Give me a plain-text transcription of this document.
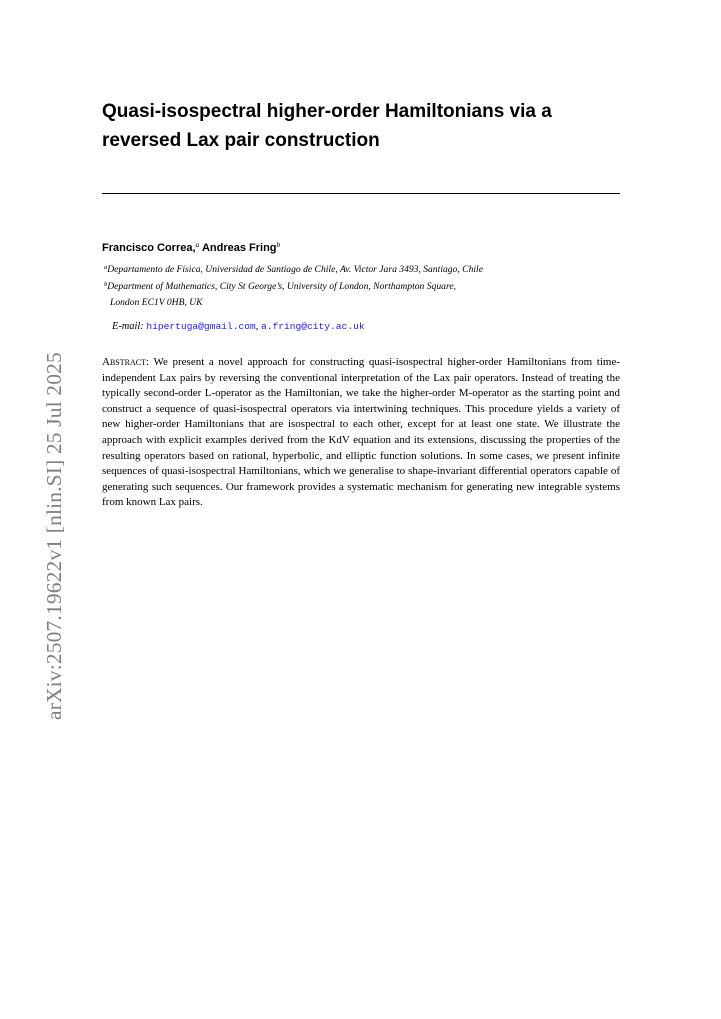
arXiv:2507.19622v1 [nlin.SI] 25 Jul 2025
Quasi-isospectral higher-order Hamiltonians via a reversed Lax pair construction
Francisco Correa,$^a$ Andreas Fring$^b$
$^a$Departamento de Física, Universidad de Santiago de Chile, Av. Victor Jara 3493, Santiago, Chile
$^b$Department of Mathematics, City St George’s, University of London, Northampton Square,
London EC1V 0HB, UK
E-mail: hipertuga@gmail.com, a.fring@city.ac.uk
Abstract: We present a novel approach for constructing quasi-isospectral higher-order Hamiltonians from time-independent Lax pairs by reversing the conventional interpretation of the Lax pair operators. Instead of treating the typically second-order L-operator as the Hamiltonian, we take the higher-order M-operator as the starting point and construct a sequence of quasi-isospectral operators via intertwining techniques. This procedure yields a variety of new higher-order Hamiltonians that are isospectral to each other, except for at least one state. We illustrate the approach with explicit examples derived from the KdV equation and its extensions, discussing the properties of the resulting operators based on rational, hyperbolic, and elliptic function solutions. In some cases, we present infinite sequences of quasi-isospectral Hamiltonians, which we generalise to shape-invariant differential operators capable of generating such sequences. Our framework provides a systematic mechanism for generating new integrable systems from known Lax pairs.
